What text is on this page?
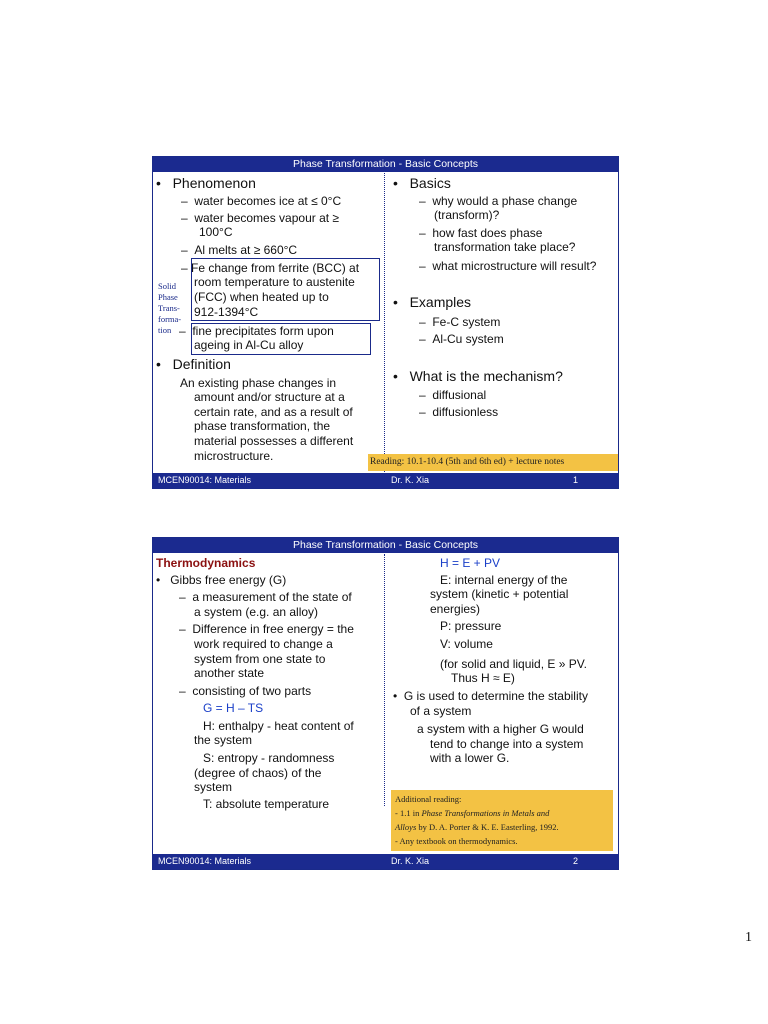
Phase Transformation - Basic Concepts
•   Phenomenon
–  water becomes ice at ≤ 0°C
–  water becomes vapour at ≥
100°C
–  Al melts at ≥ 660°C
– Fe change from ferrite (BCC) at
room temperature to austenite
(FCC) when heated up to
912-1394°C
Solid
Phase
Trans-
forma-
tion –  fine precipitates form upon
ageing in Al-Cu alloy
•   Definition
An existing phase changes in
amount and/or structure at a
certain rate, and as a result of
phase transformation, the
material possesses a different
microstructure.
•   Basics
–  why would a phase change
(transform)?
–  how fast does phase
transformation take place?
–  what microstructure will result?
•   Examples
–  Fe-C system
–  Al-Cu system
•   What is the mechanism?
–  diffusional
–  diffusionless
Reading: 10.1-10.4 (5th and 6th ed) + lecture notes
MCEN90014: Materials	Dr. K. Xia	1
Phase Transformation - Basic Concepts
Thermodynamics
•   Gibbs free energy (G)
–  a measurement of the state of
a system (e.g. an alloy)
–  Difference in free energy = the
work required to change a
system from one state to
another state
–  consisting of two parts
G = H – TS
H: enthalpy - heat content of
the system
S: entropy - randomness
(degree of chaos) of the
system
T: absolute temperature
H = E + PV
E: internal energy of the
system (kinetic + potential
energies)
P: pressure
V: volume
(for solid and liquid, E » PV.
Thus H ≈ E)
•  G is used to determine the stability
of a system
a system with a higher G would
tend to change into a system
with a lower G.
Additional reading:
- 1.1 in Phase Transformations in Metals and
Alloys by D. A. Porter & K. E. Easterling, 1992.
- Any textbook on thermodynamics.
MCEN90014: Materials	Dr. K. Xia	2
1
